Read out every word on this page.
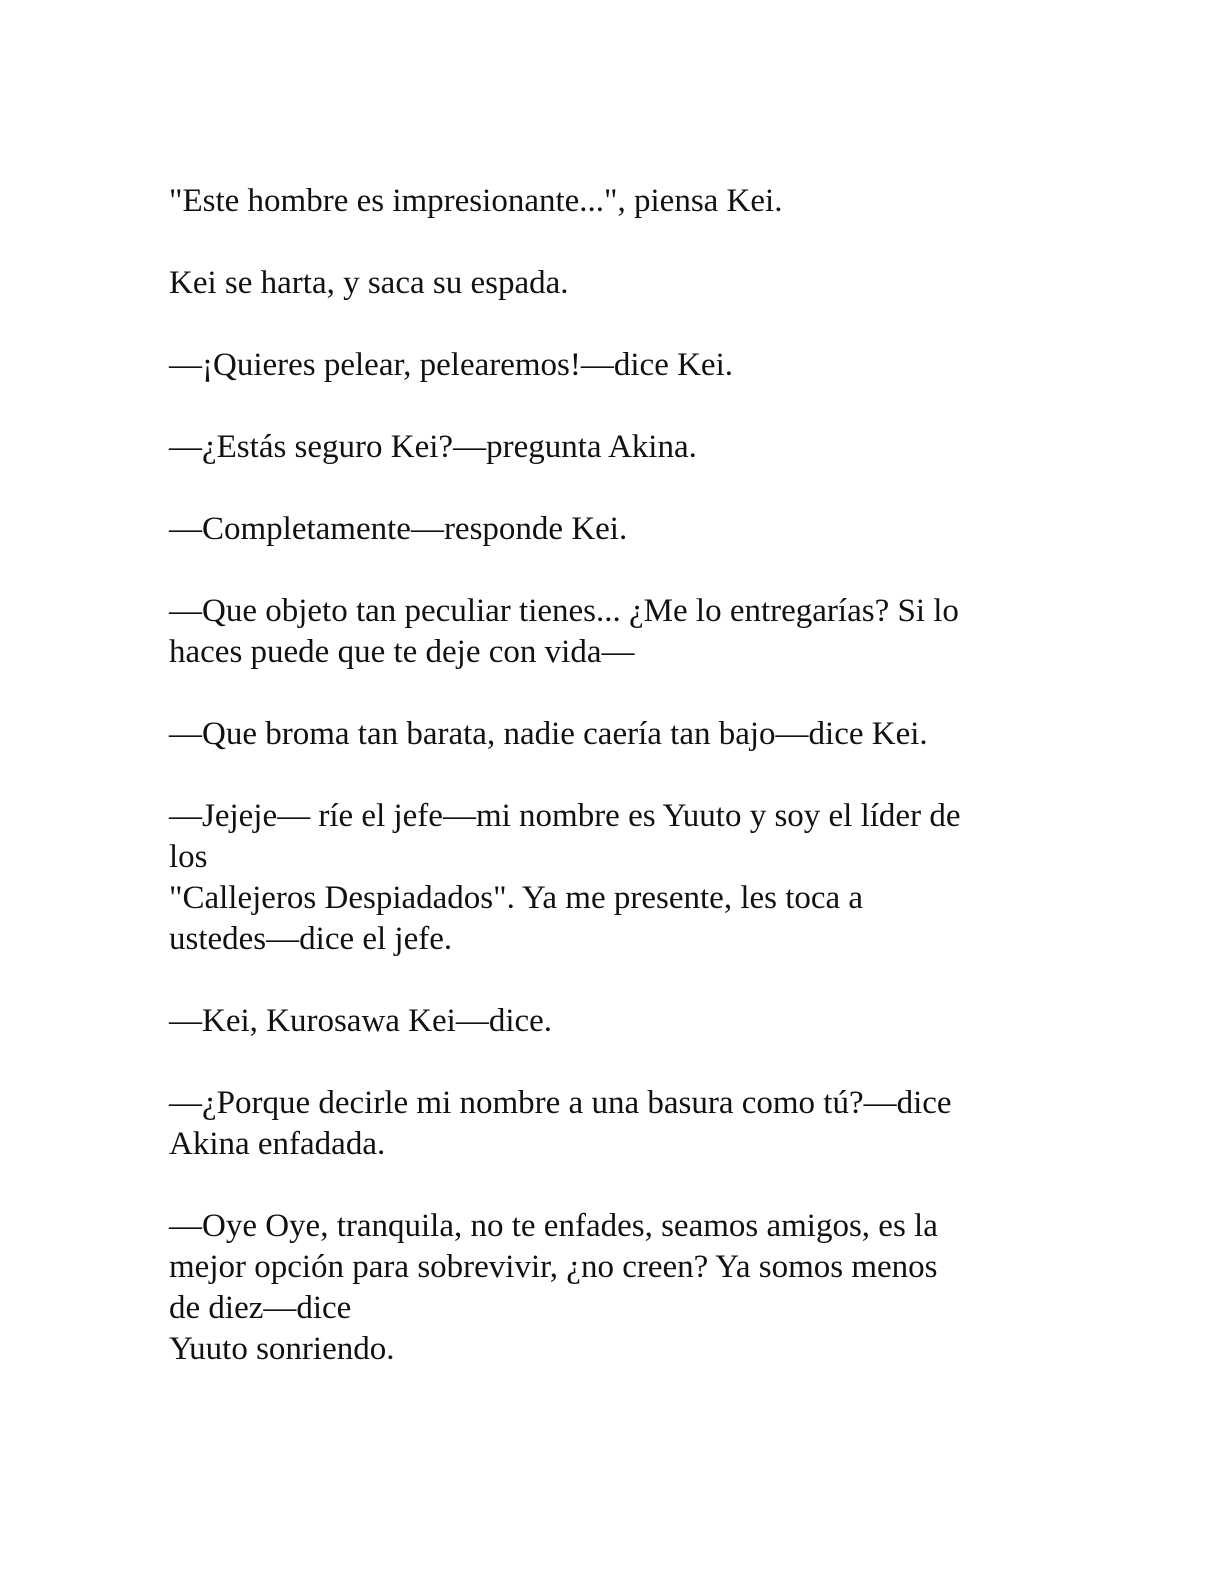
"Este hombre es impresionante...", piensa Kei.

Kei se harta, y saca su espada.

—¡Quieres pelear, pelearemos!—dice Kei.

—¿Estás seguro Kei?—pregunta Akina.

—Completamente—responde Kei.

—Que objeto tan peculiar tienes... ¿Me lo entregarías? Si lo
haces puede que te deje con vida—

—Que broma tan barata, nadie caería tan bajo—dice Kei.

—Jejeje— ríe el jefe—mi nombre es Yuuto y soy el líder de
los
"Callejeros Despiadados". Ya me presente, les toca a
ustedes—dice el jefe.

—Kei, Kurosawa Kei—dice.

—¿Porque decirle mi nombre a una basura como tú?—dice
Akina enfadada.

—Oye Oye, tranquila, no te enfades, seamos amigos, es la
mejor opción para sobrevivir, ¿no creen? Ya somos menos
de diez—dice
Yuuto sonriendo.
